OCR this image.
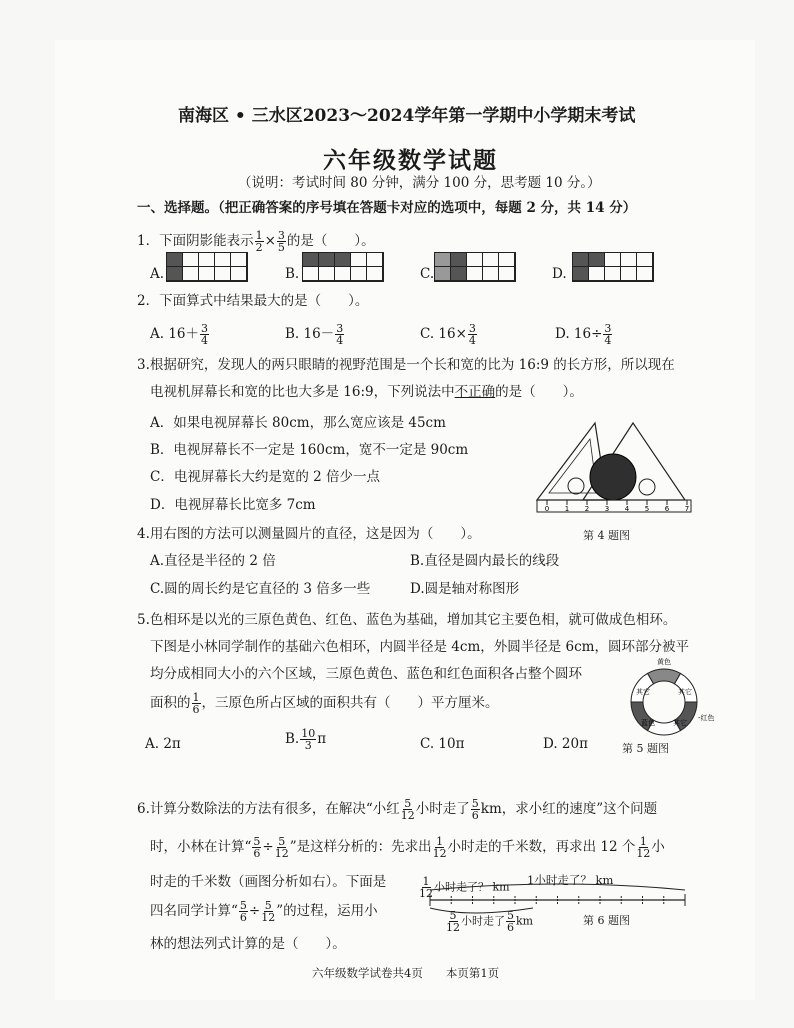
南海区 • 三水区2023～2024学年第一学期中小学期末考试
六年级数学试题
（说明：考试时间 80 分钟，满分 100 分，思考题 10 分。）
一、选择题。（把正确答案的序号填在答题卡对应的选项中，每题 2 分，共 14 分）
1．下面阴影能表示 $\frac{1}{2} \times \frac{3}{5}$ 的是（　　）。
A.	B.	C.	D.
2．下面算式中结果最大的是（　　）。
A. $16+ \frac{3}{4}$	B. $16- \frac{3}{4}$	C. $16\times \frac{3}{4}$	D. $16\div \frac{3}{4}$
3.根据研究，发现人的两只眼睛的视野范围是一个长和宽的比为 16:9 的长方形，所以现在
电视机屏幕长和宽的比也大多是 16:9，下列说法中不正确的是（　　）。
A．如果电视屏幕长 80cm，那么宽应该是 45cm
B．电视屏幕长不一定是 160cm，宽不一定是 90cm
C．电视屏幕长大约是宽的 2 倍少一点
D．电视屏幕长比宽多 7cm	0 1 2 3 4 5 6 7
第 4 题图
4.用右图的方法可以测量圆片的直径，这是因为（　　）。
A.直径是半径的 2 倍	B.直径是圆内最长的线段
C.圆的周长约是它直径的 3 倍多一些	D.圆是轴对称图形
5.色相环是以光的三原色黄色、红色、蓝色为基础，增加其它主要色相，就可做成色相环。
下图是小林同学制作的基础六色相环，内圆半径是 4cm，外圆半径是 6cm，圆环部分被平
均分成相同大小的六个区域，三原色黄色、蓝色和红色面积各占整个圆环
面积的 $\frac{1}{6}$ ，三原色所占区域的面积共有（　　）平方厘米。
A. 2π	B. $\frac{10}{3}$ π	C. 10π	D. 20π
黄色
其它
其它
蓝色	其它
-红色
第 5 题图
6.计算分数除法的方法有很多，在解决“小红 $\frac{5}{12}$ 小时走了 $\frac{5}{6}$ km，求小红的速度”这个问题
时，小林在计算“ $\frac{5}{6} \div \frac{5}{12}$ ”是这样分析的：先求出 $\frac{1}{12}$ 小时走的千米数，再求出 12 个 $\frac{1}{12}$ 小
时走的千米数（画图分析如右）。下面是
四名同学计算“ $\frac{5}{6} \div \frac{5}{12}$ ”的过程，运用小
林的想法列式计算的是（　　）。
1小时走了？ km
$\frac{1}{12}$ 小时走了？ km
$\frac{5}{12}$ 小时走了 $\frac{5}{6}$ km	第 6 题图
六年级数学试卷共4页　　本页第1页
